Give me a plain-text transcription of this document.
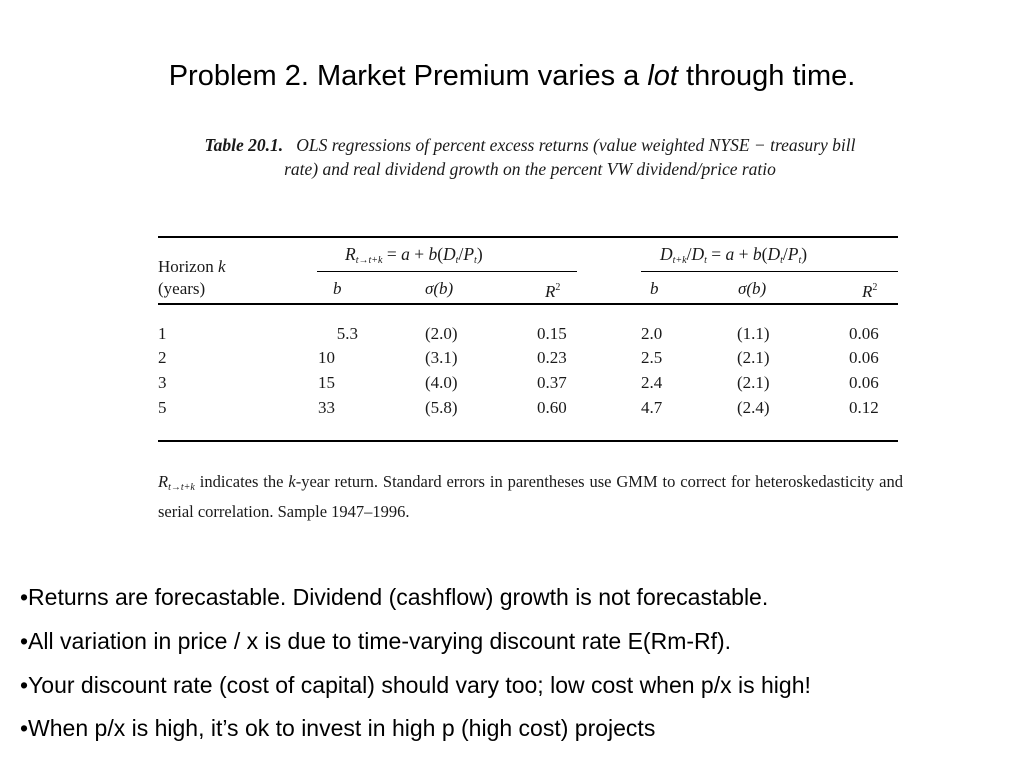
Problem 2. Market Premium varies a lot through time.
Table 20.1. OLS regressions of percent excess returns (value weighted NYSE − treasury bill rate) and real dividend growth on the percent VW dividend/price ratio
Horizon k
(years)
$R_{t\to t+k} = a + b(D_t/P_t)$	$D_{t+k}/D_t = a + b(D_t/P_t)$
b	σ(b)	$R^2$	b	σ(b)	$R^2$
1	5.3	(2.0)	0.15	2.0	(1.1)	0.06
2	10	(3.1)	0.23	2.5	(2.1)	0.06
3	15	(4.0)	0.37	2.4	(2.1)	0.06
5	33	(5.8)	0.60	4.7	(2.4)	0.12
$R_{t\to t+k}$ indicates the k-year return. Standard errors in parentheses use GMM to correct for heteroskedasticity and serial correlation. Sample 1947–1996.
•Returns are forecastable. Dividend (cashflow) growth is not forecastable.
•All variation in price / x is due to time-varying discount rate E(Rm-Rf).
•Your discount rate (cost of capital) should vary too; low cost when p/x is high!
•When p/x is high, it’s ok to invest in high p (high cost) projects
